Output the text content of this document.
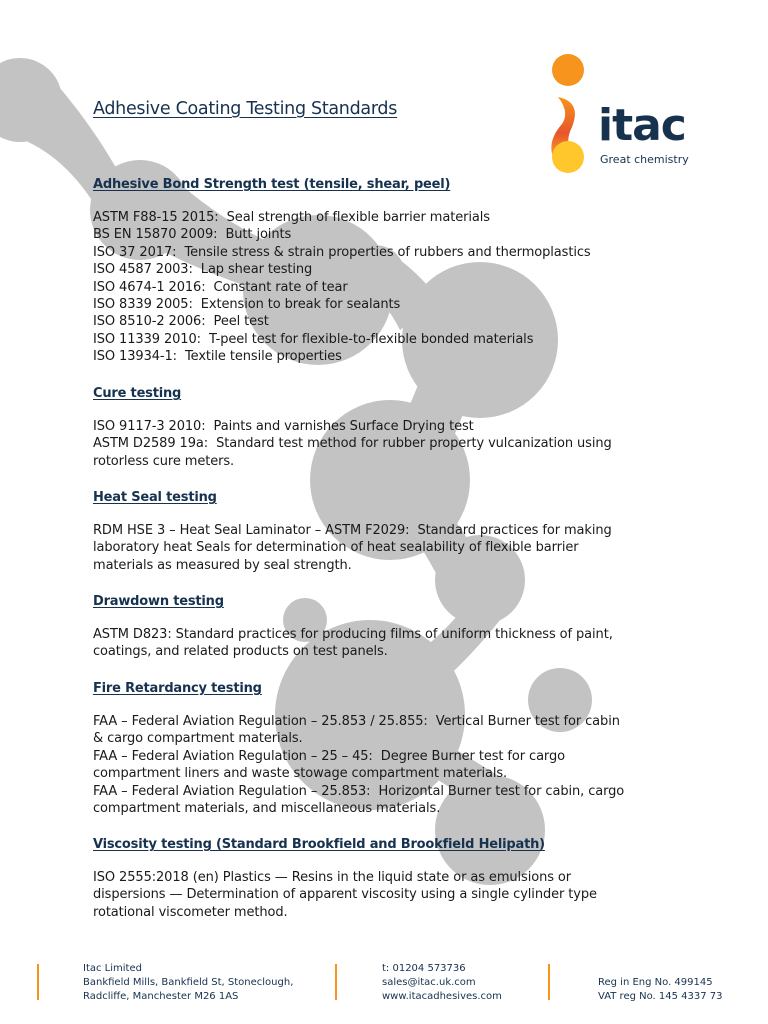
Adhesive Coating Testing Standards	itac
Great chemistry
Adhesive Bond Strength test (tensile, shear, peel)
ASTM F88-15 2015:  Seal strength of flexible barrier materials
BS EN 15870 2009:  Butt joints
ISO 37 2017:  Tensile stress & strain properties of rubbers and thermoplastics
ISO 4587 2003:  Lap shear testing
ISO 4674-1 2016:  Constant rate of tear
ISO 8339 2005:  Extension to break for sealants
ISO 8510-2 2006:  Peel test
ISO 11339 2010:  T-peel test for flexible-to-flexible bonded materials
ISO 13934-1:  Textile tensile properties
Cure testing
ISO 9117-3 2010:  Paints and varnishes Surface Drying test
ASTM D2589 19a:  Standard test method for rubber property vulcanization using
rotorless cure meters.
Heat Seal testing
RDM HSE 3 – Heat Seal Laminator – ASTM F2029:  Standard practices for making
laboratory heat Seals for determination of heat sealability of flexible barrier
materials as measured by seal strength.
Drawdown testing
ASTM D823: Standard practices for producing films of uniform thickness of paint,
coatings, and related products on test panels.
Fire Retardancy testing
FAA – Federal Aviation Regulation – 25.853 / 25.855:  Vertical Burner test for cabin
& cargo compartment materials.
FAA – Federal Aviation Regulation – 25 – 45:  Degree Burner test for cargo
compartment liners and waste stowage compartment materials.
FAA – Federal Aviation Regulation – 25.853:  Horizontal Burner test for cabin, cargo
compartment materials, and miscellaneous materials.
Viscosity testing (Standard Brookfield and Brookfield Helipath)
ISO 2555:2018 (en) Plastics — Resins in the liquid state or as emulsions or
dispersions — Determination of apparent viscosity using a single cylinder type
rotational viscometer method.
Itac Limited
Bankfield Mills, Bankfield St, Stoneclough,
Radcliffe, Manchester M26 1AS
t: 01204 573736
sales@itac.uk.com
www.itacadhesives.com
Reg in Eng No. 499145
VAT reg No. 145 4337 73
